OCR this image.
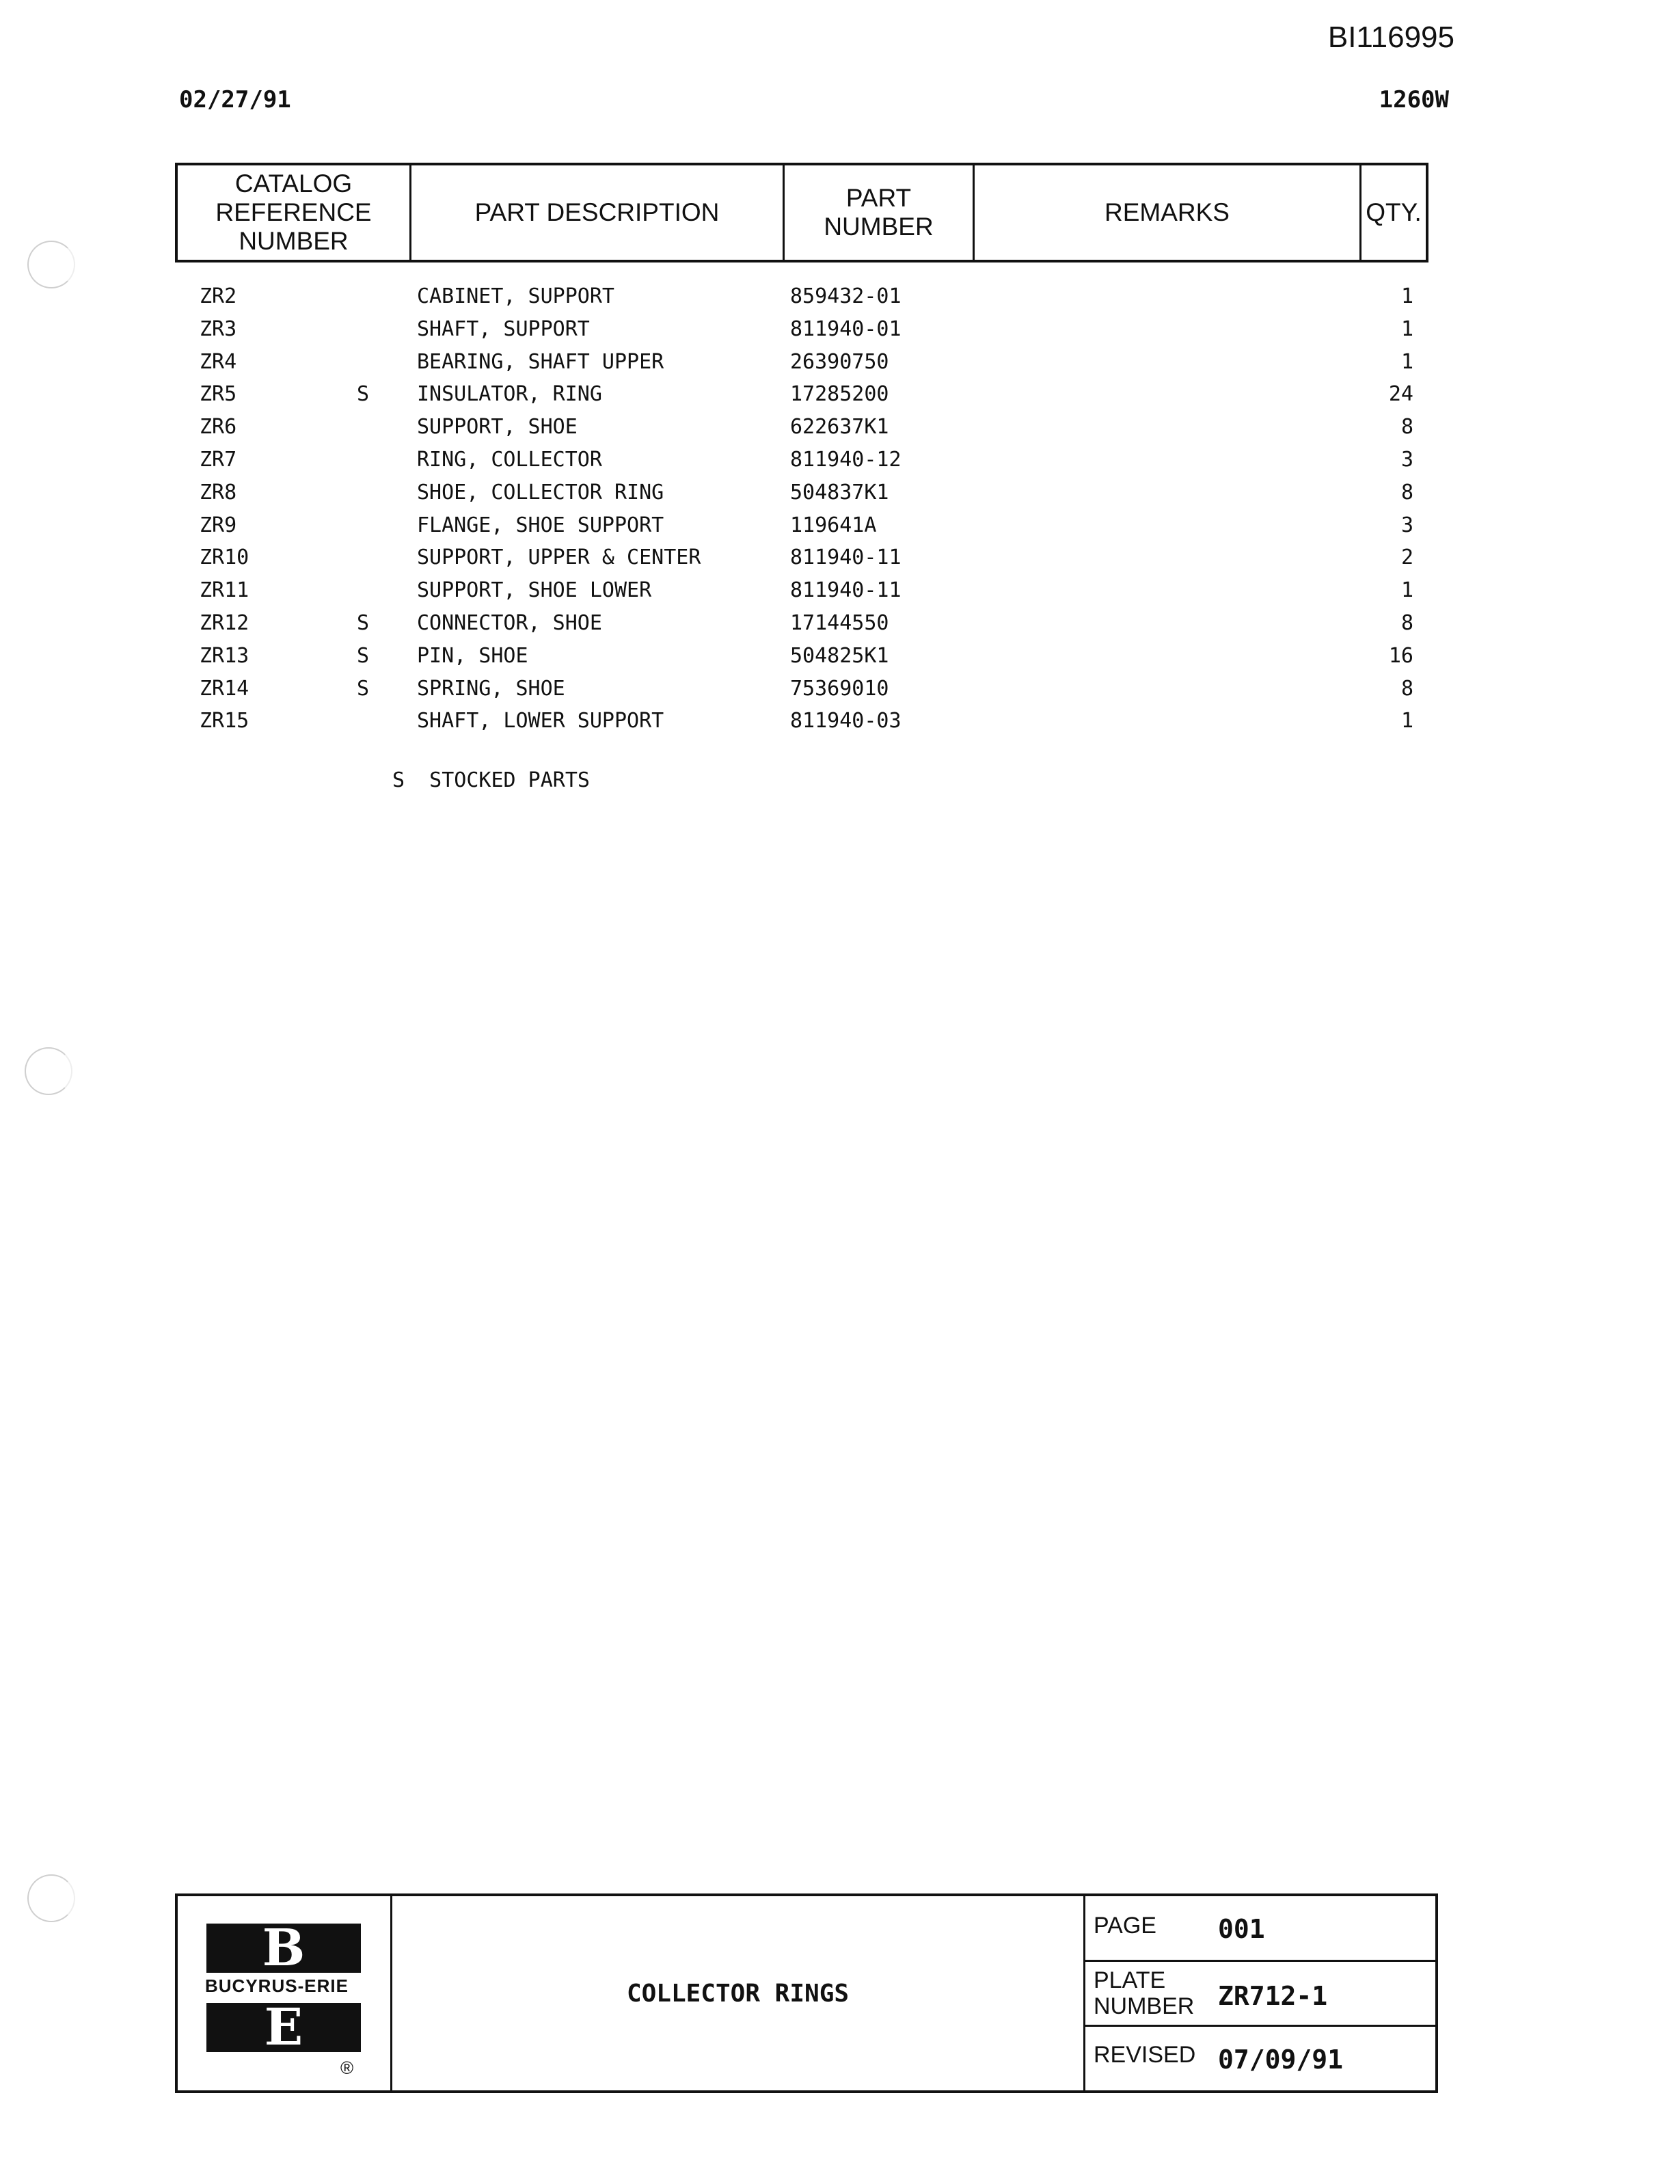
BI116995
02/27/91	1260W
CATALOG
REFERENCE
NUMBER
PART DESCRIPTION
PART
NUMBER
REMARKS	QTY.
ZR2	CABINET, SUPPORT	859432-01	1
ZR3	SHAFT, SUPPORT	811940-01	1
ZR4	BEARING, SHAFT UPPER	26390750	1
ZR5	S INSULATOR, RING	17285200	24
ZR6	SUPPORT, SHOE	622637K1	8
ZR7	RING, COLLECTOR	811940-12	3
ZR8	SHOE, COLLECTOR RING	504837K1	8
ZR9	FLANGE, SHOE SUPPORT	119641A	3
ZR10	SUPPORT, UPPER & CENTER	811940-11	2
ZR11	SUPPORT, SHOE LOWER	811940-11	1
ZR12	S CONNECTOR, SHOE	17144550	8
ZR13	S PIN, SHOE	504825K1	16
ZR14	S SPRING, SHOE	75369010	8
ZR15	SHAFT, LOWER SUPPORT	811940-03	1
S  STOCKED PARTS
B
BUCYRUS-ERIE
E
®
COLLECTOR RINGS
PAGE 001
PLATE
NUMBER ZR712-1
REVISED 07/09/91
